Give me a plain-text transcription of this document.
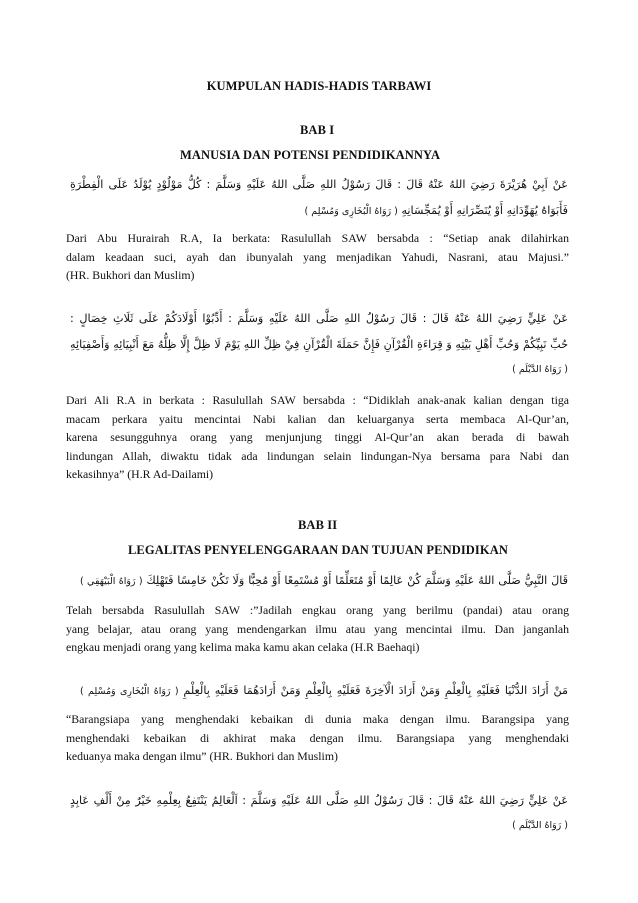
KUMPULAN HADIS-HADIS TARBAWI
BAB I
MANUSIA DAN POTENSI PENDIDIKANNYA
عَنْ اَبِيْ هُرَيْرَةَ رَضِيَ اللهُ عَنْهُ قَالَ : قَالَ رَسُوْلُ اللهِ صَلَّى اللهُ عَلَيْهِ وَسَلَّمَ : كُلُّ مَوْلُوْدٍ يُوْلَدُ عَلَى الْفِطْرَةِ
فَأَبَوَاهُ يُهَوِّدَانِهِ أَوْ يُنَصِّرَانِهِ أَوْ يُمَجِّسَانِهِ ( رَوَاهُ الْبُخَارِى وَمُسْلِم )
Dari Abu Hurairah R.A, Ia berkata: Rasulullah SAW bersabda : “Setiap anak dilahirkan
dalam keadaan suci, ayah dan ibunyalah yang menjadikan Yahudi, Nasrani, atau Majusi.”
(HR. Bukhori dan Muslim)
عَنْ عَلِيٍّ رَضِيَ اللهُ عَنْهُ قَالَ : قَالَ رَسُوْلُ اللهِ صَلَّى اللهُ عَلَيْهِ وَسَلَّمَ : أَدِّبُوْا أَوْلَادَكُمْ عَلَى ثَلَاثِ خِصَالٍ :
حُبِّ نَبِيِّكُمْ وَحُبِّ أَهْلِ بَيْتِهِ وَ قِرَاءَةِ الْقُرْآنِ فَإِنَّ حَمَلَةَ الْقُرْآنِ فِيْ ظِلِّ اللهِ يَوْمَ لَا ظِلَّ إِلَّا ظِلُّهُ مَعَ أَنْبِيَائِهِ وَأَصْفِيَائِهِ
( رَوَاهُ الدَّيْلَم )
Dari Ali R.A in berkata : Rasulullah SAW bersabda : “Didiklah anak-anak kalian dengan tiga
macam perkara yaitu mencintai Nabi kalian dan keluarganya serta membaca Al-Qur’an,
karena sesungguhnya orang yang menjunjung tinggi Al-Qur’an akan berada di bawah
lindungan Allah, diwaktu tidak ada lindungan selain lindungan-Nya bersama para Nabi dan
kekasihnya” (H.R Ad-Dailami)
BAB II
LEGALITAS PENYELENGGARAAN DAN TUJUAN PENDIDIKAN
قَالَ النَّبِيُّ صَلَّى اللهُ عَلَيْهِ وَسَلَّمَ كُنْ عَالِمًا أَوْ مُتَعَلِّمًا أَوْ مُسْتَمِعًا أَوْ مُحِبًّا وَلَا تَكُنْ خَامِسًا فَتَهْلِكَ ( رَوَاهُ الْبَيْهَقِي )
Telah bersabda Rasulullah SAW :”Jadilah engkau orang yang berilmu (pandai) atau orang
yang belajar, atau orang yang mendengarkan ilmu atau yang mencintai ilmu. Dan janganlah
engkau menjadi orang yang kelima maka kamu akan celaka (H.R Baehaqi)
مَنْ أَرَادَ الدُّنْيَا فَعَلَيْهِ بِالْعِلْمِ وَمَنْ أَرَادَ الْآخِرَةَ فَعَلَيْهِ بِالْعِلْمِ وَمَنْ أَرَادَهُمَا فَعَلَيْهِ بِالْعِلْمِ ( رَوَاهُ الْبُخَارِى وَمُسْلِم )
“Barangsiapa yang menghendaki kebaikan di dunia maka dengan ilmu. Barangsipa yang
menghendaki kebaikan di akhirat maka dengan ilmu. Barangsiapa yang menghendaki
keduanya maka dengan ilmu” (HR. Bukhori dan Muslim)
عَنْ عَلِيٍّ رَضِيَ اللهُ عَنْهُ قَالَ : قَالَ رَسُوْلُ اللهِ صَلَّى اللهُ عَلَيْهِ وَسَلَّمَ : اَلْعَالِمُ يَنْتَفِعُ بِعِلْمِهِ خَيْرٌ مِنْ أَلْفِ عَابِدٍ
( رَوَاهُ الدَّيْلَم )
